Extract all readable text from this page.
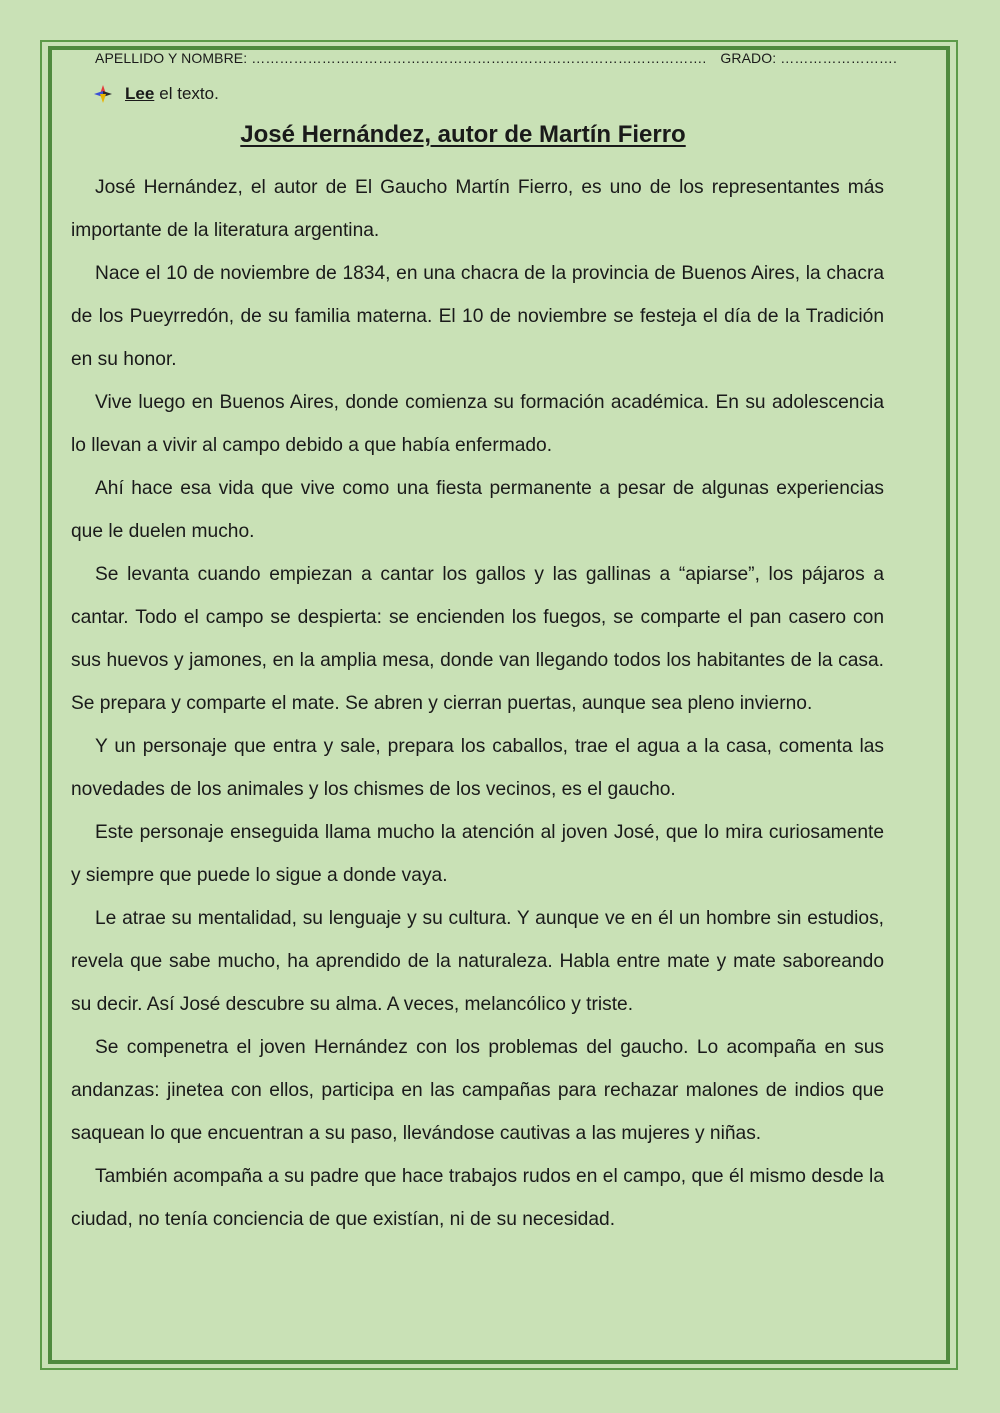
APELLIDO Y NOMBRE: ……………………………………………………………………………………. GRADO: …………………….
Lee el texto.
José Hernández, autor de Martín Fierro

José Hernández, el autor de El Gaucho Martín Fierro, es uno de los representantes más importante de la literatura argentina.

Nace el 10 de noviembre de 1834, en una chacra de la provincia de Buenos Aires, la chacra de los Pueyrredón, de su familia materna. El 10 de noviembre se festeja el día de la Tradición en su honor.

Vive luego en Buenos Aires, donde comienza su formación académica. En su adolescencia lo llevan a vivir al campo debido a que había enfermado.

Ahí hace esa vida que vive como una fiesta permanente a pesar de algunas experiencias que le duelen mucho.

Se levanta cuando empiezan a cantar los gallos y las gallinas a “apiarse”, los pájaros a cantar. Todo el campo se despierta: se encienden los fuegos, se comparte el pan casero con sus huevos y jamones, en la amplia mesa, donde van llegando todos los habitantes de la casa. Se prepara y comparte el mate. Se abren y cierran puertas, aunque sea pleno invierno.

Y un personaje que entra y sale, prepara los caballos, trae el agua a la casa, comenta las novedades de los animales y los chismes de los vecinos, es el gaucho.

Este personaje enseguida llama mucho la atención al joven José, que lo mira curiosamente y siempre que puede lo sigue a donde vaya.

Le atrae su mentalidad, su lenguaje y su cultura. Y aunque ve en él un hombre sin estudios, revela que sabe mucho, ha aprendido de la naturaleza. Habla entre mate y mate saboreando su decir. Así José descubre su alma. A veces, melancólico y triste.

Se compenetra el joven Hernández con los problemas del gaucho. Lo acompaña en sus andanzas: jinetea con ellos, participa en las campañas para rechazar malones de indios que saquean lo que encuentran a su paso, llevándose cautivas a las mujeres y niñas.

También acompaña a su padre que hace trabajos rudos en el campo, que él mismo desde la ciudad, no tenía conciencia de que existían, ni de su necesidad.
